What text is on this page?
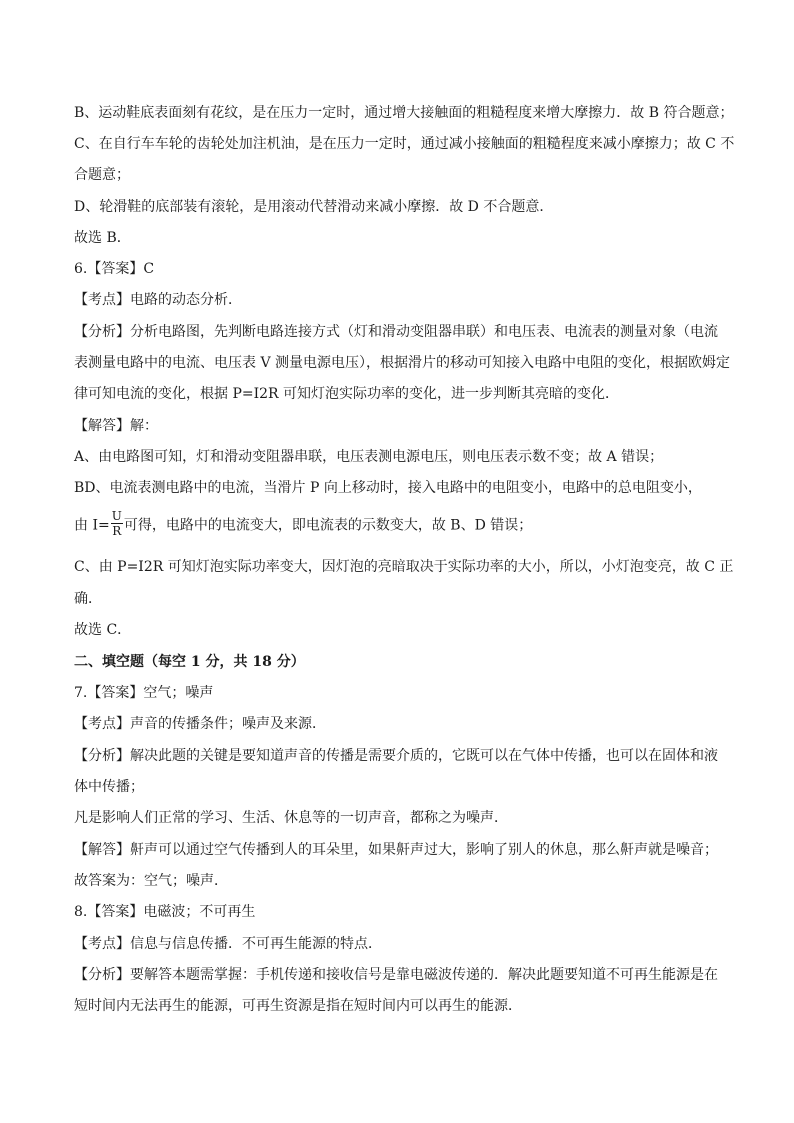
B、运动鞋底表面刻有花纹，是在压力一定时，通过增大接触面的粗糙程度来增大摩擦力．故 B 符合题意；
C、在自行车车轮的齿轮处加注机油，是在压力一定时，通过减小接触面的粗糙程度来减小摩擦力；故 C 不
合题意；
D、轮滑鞋的底部装有滚轮，是用滚动代替滑动来减小摩擦．故 D 不合题意．
故选 B．
6.【答案】C
【考点】电路的动态分析．
【分析】分析电路图，先判断电路连接方式（灯和滑动变阻器串联）和电压表、电流表的测量对象（电流
表测量电路中的电流、电压表 V 测量电源电压），根据滑片的移动可知接入电路中电阻的变化，根据欧姆定
律可知电流的变化，根据 P=I2R 可知灯泡实际功率的变化，进一步判断其亮暗的变化．
【解答】解：
A、由电路图可知，灯和滑动变阻器串联，电压表测电源电压，则电压表示数不变；故 A 错误；
BD、电流表测电路中的电流，当滑片 P 向上移动时，接入电路中的电阻变小，电路中的总电阻变小，
由 $I= \frac{U}{R}$ 可得，电路中的电流变大，即电流表的示数变大，故 B、D 错误；
C、由 P=I2R 可知灯泡实际功率变大，因灯泡的亮暗取决于实际功率的大小，所以，小灯泡变亮，故 C 正
确．
故选 C．
二、填空题（每空 1 分，共 18 分）
7.【答案】空气；噪声
【考点】声音的传播条件；噪声及来源．
【分析】解决此题的关键是要知道声音的传播是需要介质的，它既可以在气体中传播，也可以在固体和液
体中传播；
凡是影响人们正常的学习、生活、休息等的一切声音，都称之为噪声．
【解答】鼾声可以通过空气传播到人的耳朵里，如果鼾声过大，影响了别人的休息，那么鼾声就是噪音；
故答案为：空气；噪声．
8.【答案】电磁波；不可再生
【考点】信息与信息传播．不可再生能源的特点．
【分析】要解答本题需掌握：手机传递和接收信号是靠电磁波传递的．解决此题要知道不可再生能源是在
短时间内无法再生的能源，可再生资源是指在短时间内可以再生的能源．
